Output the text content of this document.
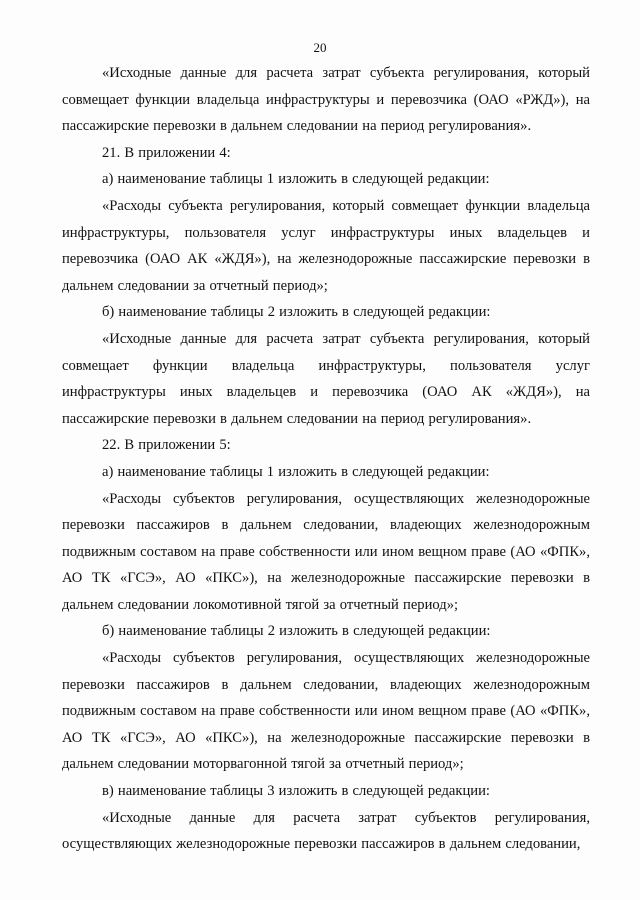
20

«Исходные данные для расчета затрат субъекта регулирования, который совмещает функции владельца инфраструктуры и перевозчика (ОАО «РЖД»), на пассажирские перевозки в дальнем следовании на период регулирования».

21. В приложении 4:

а) наименование таблицы 1 изложить в следующей редакции:

«Расходы субъекта регулирования, который совмещает функции владельца инфраструктуры, пользователя услуг инфраструктуры иных владельцев и перевозчика (ОАО АК «ЖДЯ»), на железнодорожные пассажирские перевозки в дальнем следовании за отчетный период»;

б) наименование таблицы 2 изложить в следующей редакции:

«Исходные данные для расчета затрат субъекта регулирования, который совмещает функции владельца инфраструктуры, пользователя услуг инфраструктуры иных владельцев и перевозчика (ОАО АК «ЖДЯ»), на пассажирские перевозки в дальнем следовании на период регулирования».

22. В приложении 5:

а) наименование таблицы 1 изложить в следующей редакции:

«Расходы субъектов регулирования, осуществляющих железнодорожные перевозки пассажиров в дальнем следовании, владеющих железнодорожным подвижным составом на праве собственности или ином вещном праве (АО «ФПК», АО ТК «ГСЭ», АО «ПКС»), на железнодорожные пассажирские перевозки в дальнем следовании локомотивной тягой за отчетный период»;

б) наименование таблицы 2 изложить в следующей редакции:

«Расходы субъектов регулирования, осуществляющих железнодорожные перевозки пассажиров в дальнем следовании, владеющих железнодорожным подвижным составом на праве собственности или ином вещном праве (АО «ФПК», АО ТК «ГСЭ», АО «ПКС»), на железнодорожные пассажирские перевозки в дальнем следовании моторвагонной тягой за отчетный период»;

в) наименование таблицы 3 изложить в следующей редакции:

«Исходные данные для расчета затрат субъектов регулирования, осуществляющих железнодорожные перевозки пассажиров в дальнем следовании,
